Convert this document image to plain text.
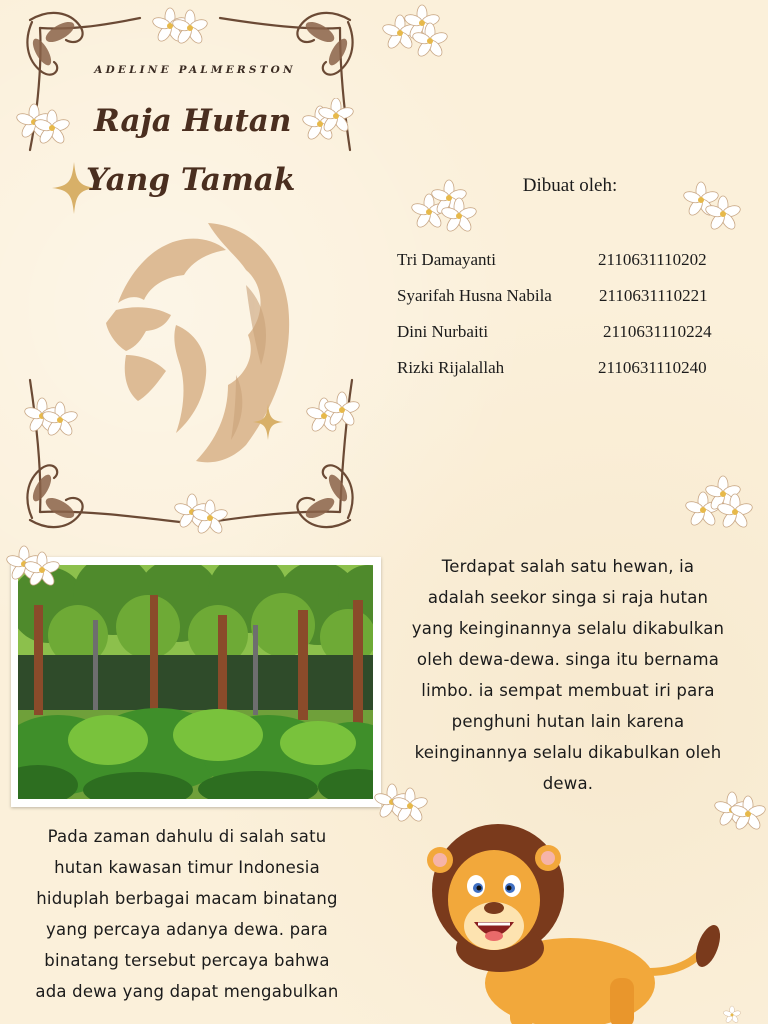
ADELINE PALMERSTON
Raja Hutan
Yang Tamak	Dibuat oleh:
Tri Damayanti	2110631110202
Syarifah Husna Nabila	2110631110221
Dini Nurbaiti	2110631110224
Rizki Rijalallah	2110631110240
Terdapat salah satu hewan, ia
adalah seekor singa si raja hutan
yang keinginannya selalu dikabulkan
oleh dewa-dewa. singa itu bernama
limbo. ia sempat membuat iri para
penghuni hutan lain karena
keinginannya selalu dikabulkan oleh
dewa.
Pada zaman dahulu di salah satu
hutan kawasan timur Indonesia
hiduplah berbagai macam binatang
yang percaya adanya dewa. para
binatang tersebut percaya bahwa
ada dewa yang dapat mengabulkan
